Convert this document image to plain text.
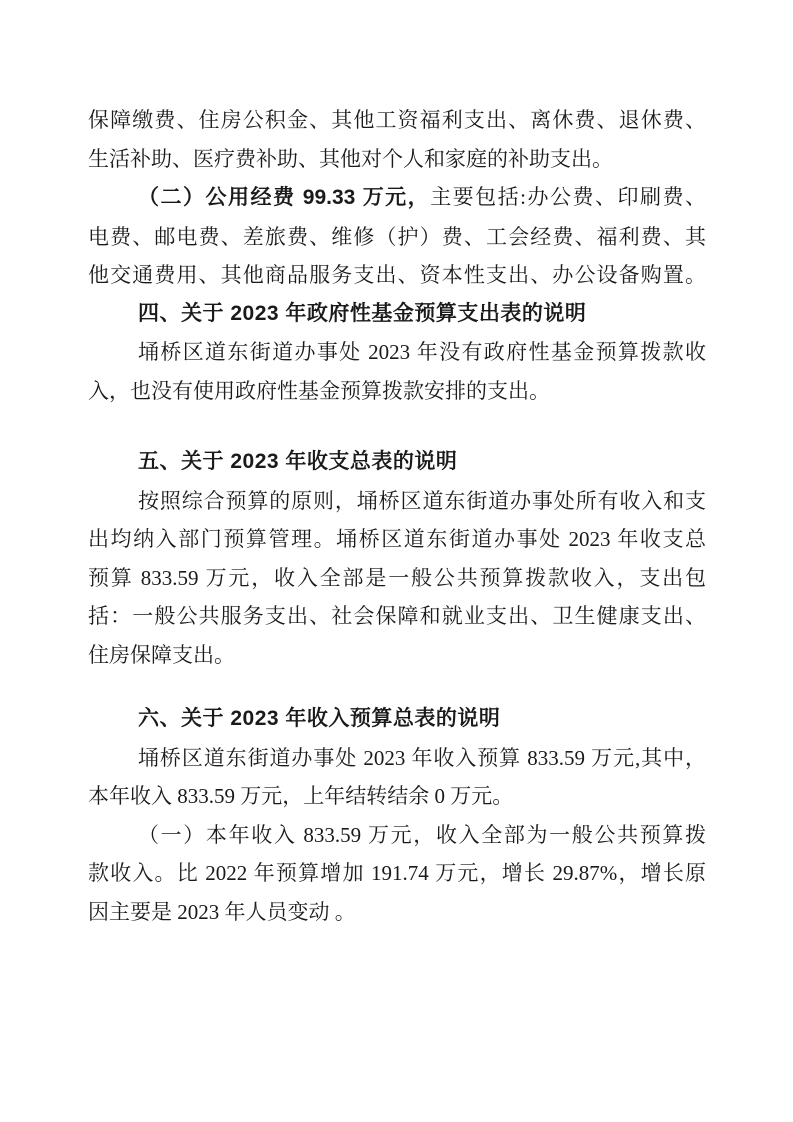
保障缴费、住房公积金、其他工资福利支出、离休费、退休费、
生活补助、医疗费补助、其他对个人和家庭的补助支出。
（二）公用经费 99.33 万元，主要包括:办公费、印刷费、
电费、邮电费、差旅费、维修（护）费、工会经费、福利费、其
他交通费用、其他商品服务支出、资本性支出、办公设备购置。
四、关于 2023 年政府性基金预算支出表的说明
埇桥区道东街道办事处 2023 年没有政府性基金预算拨款收
入，也没有使用政府性基金预算拨款安排的支出。
五、关于 2023 年收支总表的说明
按照综合预算的原则，埇桥区道东街道办事处所有收入和支
出均纳入部门预算管理。埇桥区道东街道办事处 2023 年收支总
预算 833.59 万元，收入全部是一般公共预算拨款收入，支出包
括：一般公共服务支出、社会保障和就业支出、卫生健康支出、
住房保障支出。
六、关于 2023 年收入预算总表的说明
埇桥区道东街道办事处 2023 年收入预算 833.59 万元,其中，
本年收入 833.59 万元，上年结转结余 0 万元。
（一）本年收入 833.59 万元，收入全部为一般公共预算拨
款收入。比 2022 年预算增加 191.74 万元，增长 29.87%，增长原
因主要是 2023 年人员变动 。
